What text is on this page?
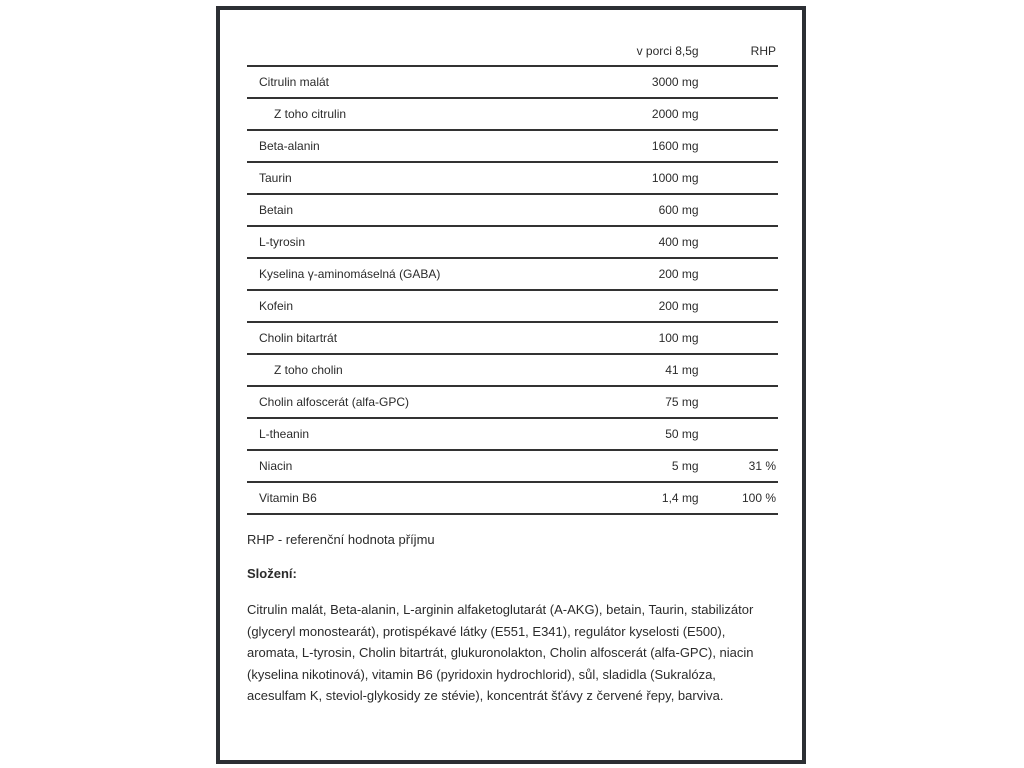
	v porci 8,5g	RHP
Citrulin malát	3000 mg	
Z toho citrulin	2000 mg	
Beta-alanin	1600 mg	
Taurin	1000 mg	
Betain	600 mg	
L-tyrosin	400 mg	
Kyselina γ-aminomáselná (GABA)	200 mg	
Kofein	200 mg	
Cholin bitartrát	100 mg	
Z toho cholin	41 mg	
Cholin alfoscerát (alfa-GPC)	75 mg	
L-theanin	50 mg	
Niacin	5 mg	31 %
Vitamin B6	1,4 mg	100 %
RHP - referenční hodnota příjmu
Složení:
Citrulin malát, Beta-alanin, L-arginin alfaketoglutarát (A-AKG), betain, Taurin, stabilizátor (glyceryl monostearát), protispékavé látky (E551, E341), regulátor kyselosti (E500), aromata, L-tyrosin, Cholin bitartrát, glukuronolakton, Cholin alfoscerát (alfa-GPC), niacin (kyselina nikotinová), vitamin B6 (pyridoxin hydrochlorid), sůl, sladidla (Sukralóza, acesulfam K, steviol-glykosidy ze stévie), koncentrát šťávy z červené řepy, barviva.
